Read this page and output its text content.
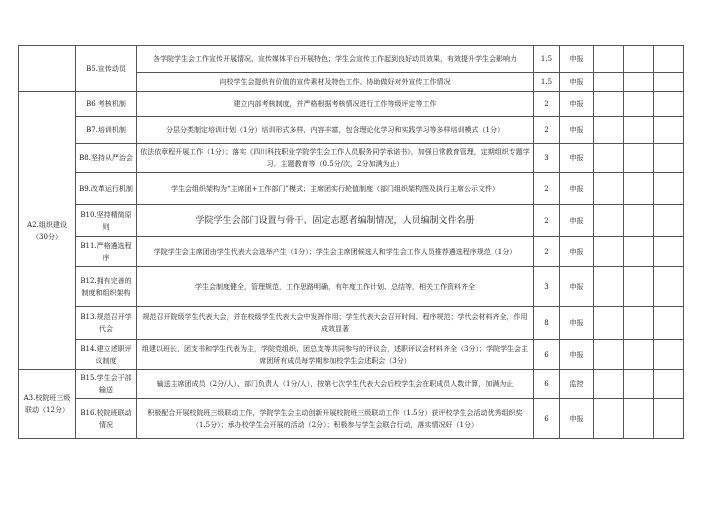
	B5.宣传动员	各学院学生会工作宣传开展情况、宣传媒体平台开展特色；学生会宣传工作起到良好动员效果，有效提升学生会影响力	1.5	申报			
		向校学生会提供有价值的宣传素材及特色工作、协助做好对外宣传工作情况	1.5	申报			
A2.组织建设（30分）	B6 考核机制	建立内部考核制度，并严格根据考核情况进行工作等级评定等工作	2	申报			
	B7.培训机制	分层分类制定培训计划（1分）培训形式多样，内容丰富，包含理论化学习和实践学习等多样培训模式（1分）	2	申报			
	B8.坚持从严治会	依法依章程开展工作（1分）；落实《四川科技职业学院学生会工作人员服务同学承诺书》，加强日常教育管理，定期组织专题学习、主题教育等（0.5分/次，2分加满为止）	3	申报			
	B9.改革运行机制	学生会组织架构为“主席团+工作部门”模式；主席团实行轮值制度（部门组织架构图及执行主席公示文件）	2	申报			
	B10.坚持精简原则	学院学生会部门设置与骨干、固定志愿者编制情况，人员编制文件名册	2	申报			
	B11.严格遴选程序	学院学生会主席团由学生代表大会选举产生（1分）；学生会主席团候选人和学生会工作人员推荐遴选程序规范（1分）	2	申报			
	B12.拥有完善的制度和组织架构	学生会制度健全，管理规范，工作思路明确，有年度工作计划、总结等，相关工作资料齐全	3	申报			
	B13.规范召开学代会	规范召开院级学生代表大会，并在校级学生代表大会中发挥作用；学生代表大会召开时间、程序规范；学代会材料齐全，作用成效显著	8	申报			
	B14.建立述职评议制度	组建以班长、团支书和学生代表为主，学院党组织、团总支等共同参与的评议会，述职评议会材料齐全（3分）；学院学生会主席团所有成员每学期参加校学生会述职会（3分）	6	申报			
A3.校院班三级联动（12分）	B15.学生会干部输送	输送主席团成员（2分/人）、部门负责人（1分/人），按第七次学生代表大会后校学生会在职成员人数计算，加满为止	6	监控			
	B16.校院班联动情况	积极配合开展校院班三级联动工作，学院学生会主动创新开展校院班三级联动工作（1.5分）获评校学生会活动优秀组织奖（1.5分）；承办校学生会开展的活动（2分）；积极参与学生会联合行动，落实情况好（1分）	6	申报			
